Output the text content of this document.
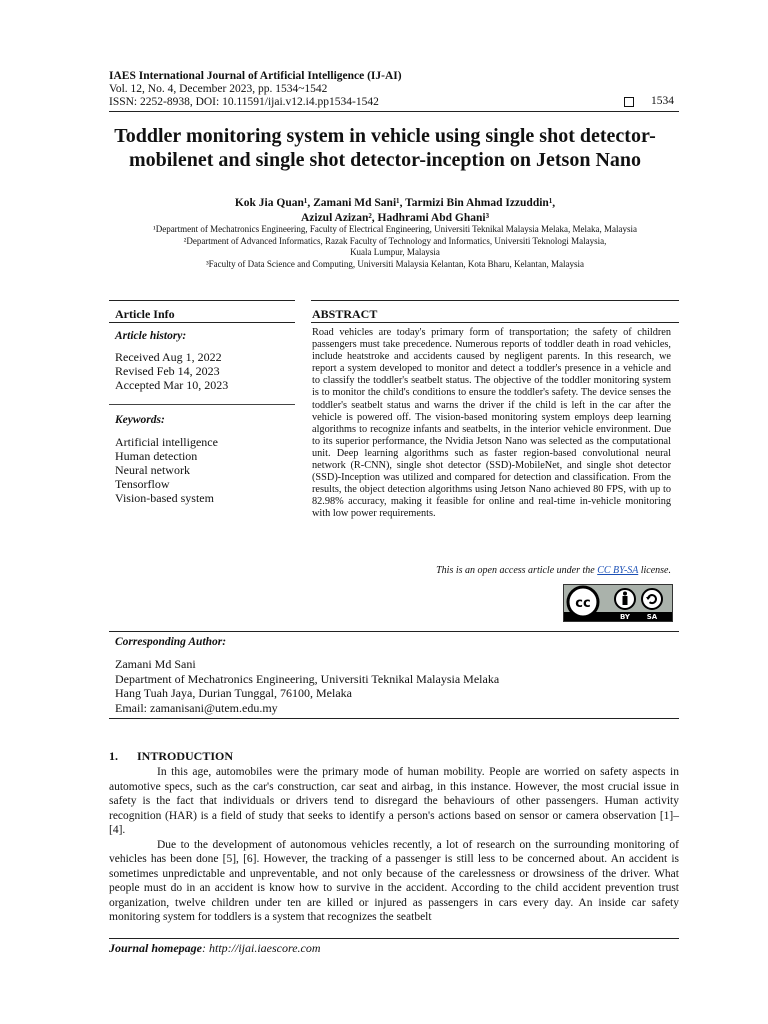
IAES International Journal of Artificial Intelligence (IJ-AI)
Vol. 12, No. 4, December 2023, pp. 1534~1542
ISSN: 2252-8938, DOI: 10.11591/ijai.v12.i4.pp1534-1542	1534
Toddler monitoring system in vehicle using single shot detector-mobilenet and single shot detector-inception on Jetson Nano
Kok Jia Quan¹, Zamani Md Sani¹, Tarmizi Bin Ahmad Izzuddin¹,
Azizul Azizan², Hadhrami Abd Ghani³
¹Department of Mechatronics Engineering, Faculty of Electrical Engineering, Universiti Teknikal Malaysia Melaka, Melaka, Malaysia
²Department of Advanced Informatics, Razak Faculty of Technology and Informatics, Universiti Teknologi Malaysia,
Kuala Lumpur, Malaysia
³Faculty of Data Science and Computing, Universiti Malaysia Kelantan, Kota Bharu, Kelantan, Malaysia
Article Info	ABSTRACT
Article history:
Received Aug 1, 2022
Revised Feb 14, 2023
Accepted Mar 10, 2023
Keywords:
Artificial intelligence
Human detection
Neural network
Tensorflow
Vision-based system
Road vehicles are today's primary form of transportation; the safety of children passengers must take precedence. Numerous reports of toddler death in road vehicles, include heatstroke and accidents caused by negligent parents. In this research, we report a system developed to monitor and detect a toddler's presence in a vehicle and to classify the toddler's seatbelt status. The objective of the toddler monitoring system is to monitor the child's conditions to ensure the toddler's safety. The device senses the toddler's seatbelt status and warns the driver if the child is left in the car after the vehicle is powered off. The vision-based monitoring system employs deep learning algorithms to recognize infants and seatbelts, in the interior vehicle environment. Due to its superior performance, the Nvidia Jetson Nano was selected as the computational unit. Deep learning algorithms such as faster region-based convolutional neural network (R-CNN), single shot detector (SSD)-MobileNet, and single shot detector (SSD)-Inception was utilized and compared for detection and classification. From the results, the object detection algorithms using Jetson Nano achieved 80 FPS, with up to 82.98% accuracy, making it feasible for online and real-time in-vehicle monitoring with low power requirements.
This is an open access article under the CC BY-SA license.
cc
BY SA
Corresponding Author:
Zamani Md Sani
Department of Mechatronics Engineering, Universiti Teknikal Malaysia Melaka
Hang Tuah Jaya, Durian Tunggal, 76100, Melaka
Email: zamanisani@utem.edu.my
1. INTRODUCTION

In this age, automobiles were the primary mode of human mobility. People are worried on safety aspects in automotive specs, such as the car's construction, car seat and airbag, in this instance. However, the most crucial issue in safety is the fact that individuals or drivers tend to disregard the behaviours of other passengers. Human activity recognition (HAR) is a field of study that seeks to identify a person's actions based on sensor or camera observation [1]–[4].

Due to the development of autonomous vehicles recently, a lot of research on the surrounding monitoring of vehicles has been done [5], [6]. However, the tracking of a passenger is still less to be concerned about. An accident is sometimes unpredictable and unpreventable, and not only because of the carelessness or drowsiness of the driver. What people must do in an accident is know how to survive in the accident. According to the child accident prevention trust organization, twelve children under ten are killed or injured as passengers in cars every day. An inside car safety monitoring system for toddlers is a system that recognizes the seatbelt

Journal homepage: http://ijai.iaescore.com
